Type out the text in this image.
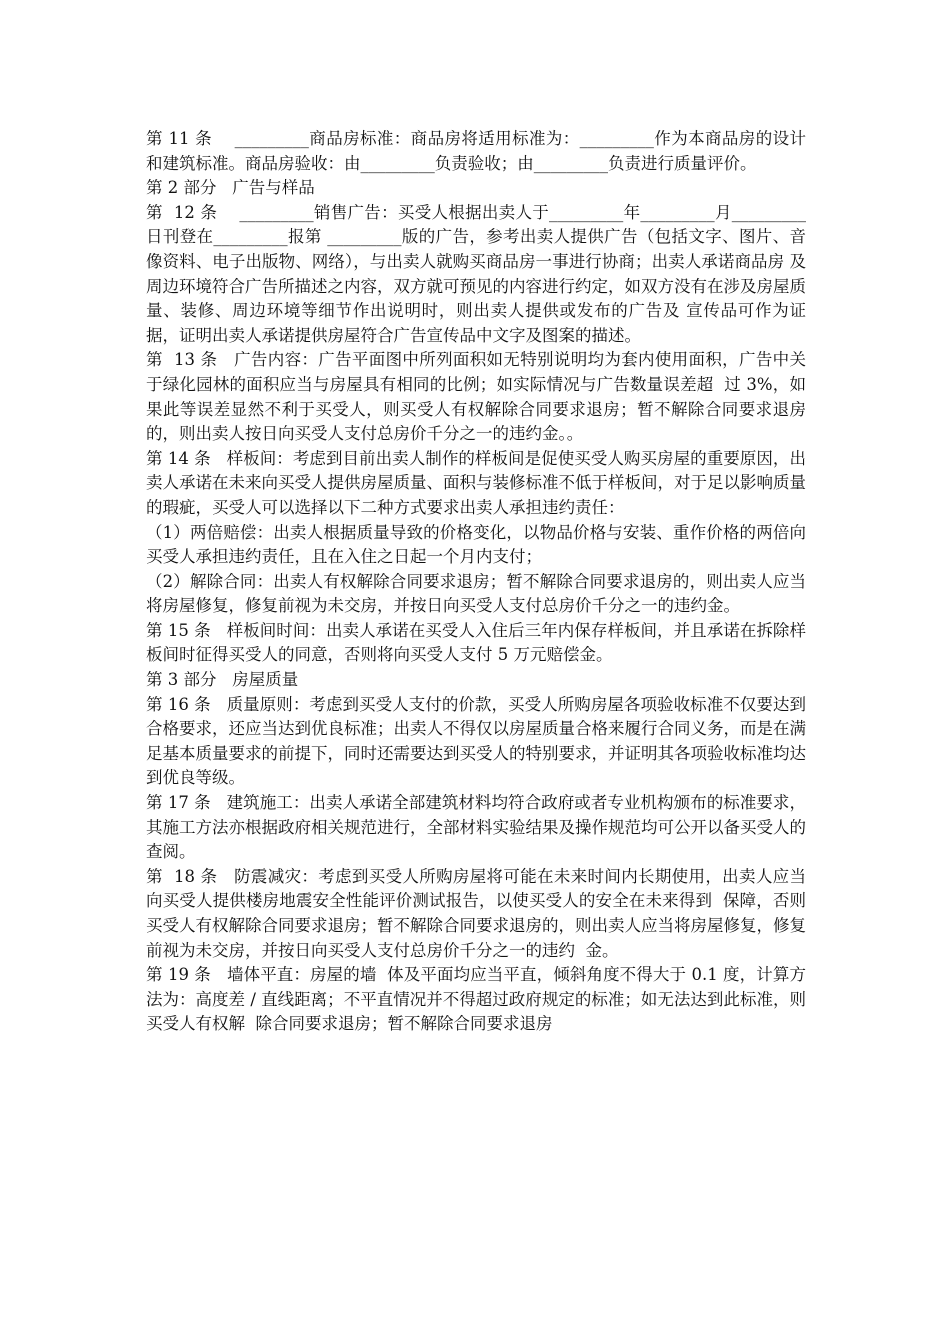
第 11 条    _________商品房标准：商品房将适用标准为：_________作为本商品房的设计和建筑标准。商品房验收：由_________负责验收；由_________负责进行质量评价。

第 2 部分   广告与样品

第  12 条    _________销售广告：买受人根据出卖人于_________年_________月_________日刊登在_________报第 _________版的广告，参考出卖人提供广告（包括文字、图片、音像资料、电子出版物、网络），与出卖人就购买商品房一事进行协商；出卖人承诺商品房 及周边环境符合广告所描述之内容，双方就可预见的内容进行约定，如双方没有在涉及房屋质量、装修、周边环境等细节作出说明时，则出卖人提供或发布的广告及 宣传品可作为证据，证明出卖人承诺提供房屋符合广告宣传品中文字及图案的描述。

第  13 条   广告内容：广告平面图中所列面积如无特别说明均为套内使用面积，广告中关于绿化园林的面积应当与房屋具有相同的比例；如实际情况与广告数量误差超  过 3%，如果此等误差显然不利于买受人，则买受人有权解除合同要求退房；暂不解除合同要求退房的，则出卖人按日向买受人支付总房价千分之一的违约金。。

第 14 条   样板间：考虑到目前出卖人制作的样板间是促使买受人购买房屋的重要原因，出卖人承诺在未来向买受人提供房屋质量、面积与装修标准不低于样板间，对于足以影响质量的瑕疵，买受人可以选择以下二种方式要求出卖人承担违约责任：

（1）两倍赔偿：出卖人根据质量导致的价格变化，以物品价格与安装、重作价格的两倍向买受人承担违约责任，且在入住之日起一个月内支付；

（2）解除合同：出卖人有权解除合同要求退房；暂不解除合同要求退房的，则出卖人应当将房屋修复，修复前视为未交房，并按日向买受人支付总房价千分之一的违约金。

第 15 条   样板间时间：出卖人承诺在买受人入住后三年内保存样板间，并且承诺在拆除样板间时征得买受人的同意，否则将向买受人支付 5 万元赔偿金。

第 3 部分   房屋质量

第 16 条   质量原则：考虑到买受人支付的价款，买受人所购房屋各项验收标准不仅要达到合格要求，还应当达到优良标准；出卖人不得仅以房屋质量合格来履行合同义务，而是在满足基本质量要求的前提下，同时还需要达到买受人的特别要求，并证明其各项验收标准均达到优良等级。

第 17 条   建筑施工：出卖人承诺全部建筑材料均符合政府或者专业机构颁布的标准要求，其施工方法亦根据政府相关规范进行，全部材料实验结果及操作规范均可公开以备买受人的查阅。

第  18 条   防震减灾：考虑到买受人所购房屋将可能在未来时间内长期使用，出卖人应当向买受人提供楼房地震安全性能评价测试报告，以使买受人的安全在未来得到  保障，否则买受人有权解除合同要求退房；暂不解除合同要求退房的，则出卖人应当将房屋修复，修复前视为未交房，并按日向买受人支付总房价千分之一的违约  金。

第 19 条   墙体平直：房屋的墙  体及平面均应当平直，倾斜角度不得大于 0.1 度，计算方法为：高度差 / 直线距离；不平直情况并不得超过政府规定的标准；如无法达到此标准，则买受人有权解  除合同要求退房；暂不解除合同要求退房
